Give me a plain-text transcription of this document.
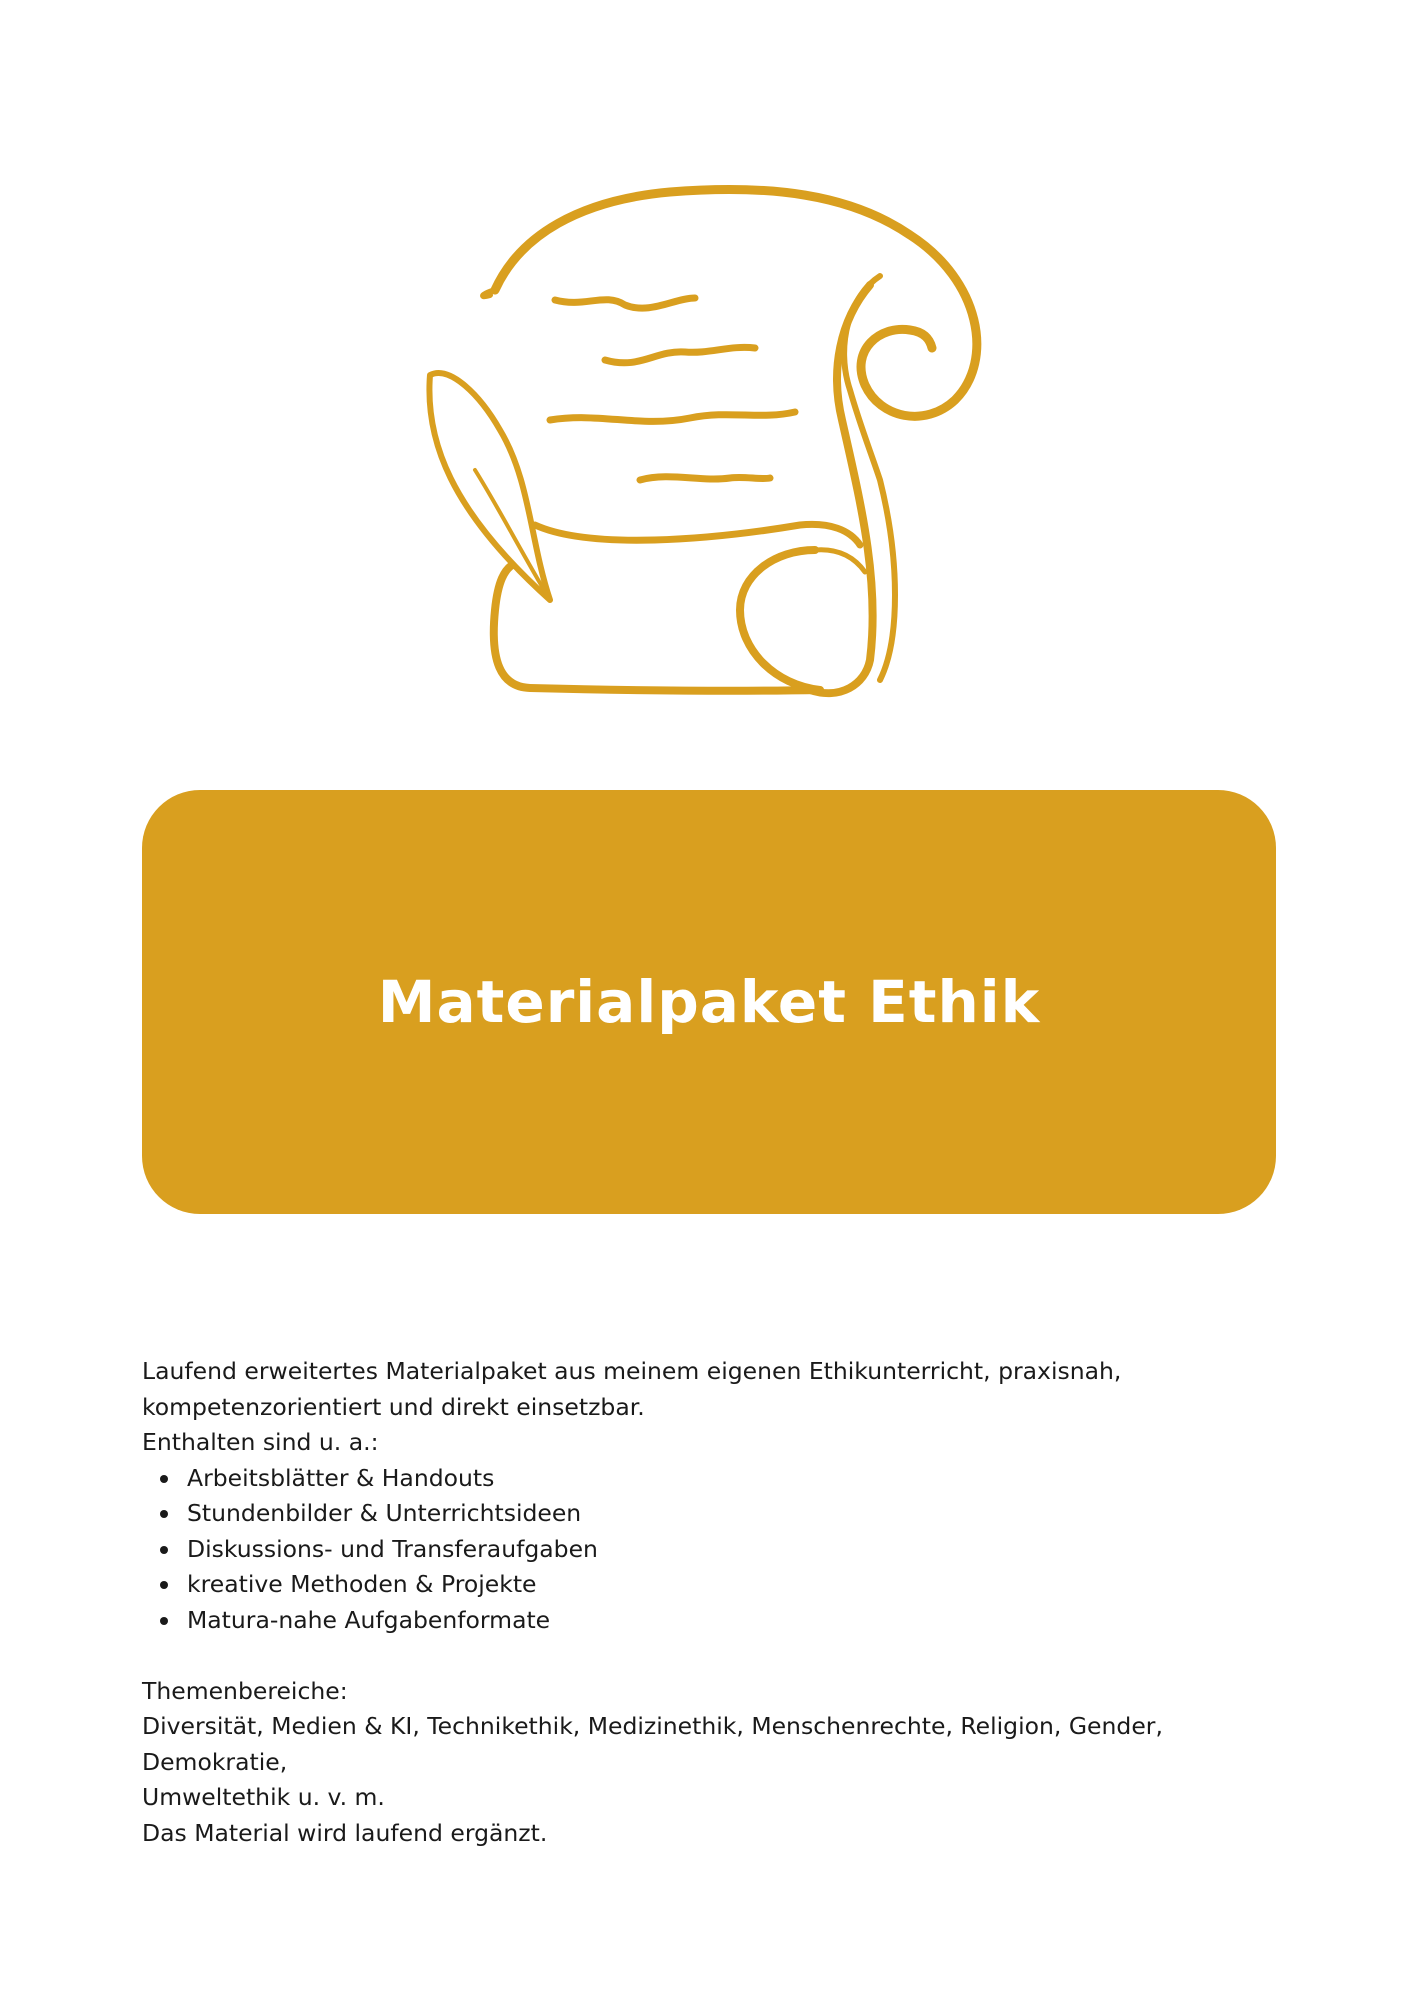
Materialpaket Ethik

Laufend erweitertes Materialpaket aus meinem eigenen Ethikunterricht, praxisnah,

kompetenzorientiert und direkt einsetzbar.

Enthalten sind u. a.:

Arbeitsblätter & Handouts
Stundenbilder & Unterrichtsideen
Diskussions- und Transferaufgaben
kreative Methoden & Projekte
Matura-nahe Aufgabenformate

Themenbereiche:

Diversität, Medien & KI, Technikethik, Medizinethik, Menschenrechte, Religion, Gender, Demokratie,

Umweltethik u. v. m.

Das Material wird laufend ergänzt.
